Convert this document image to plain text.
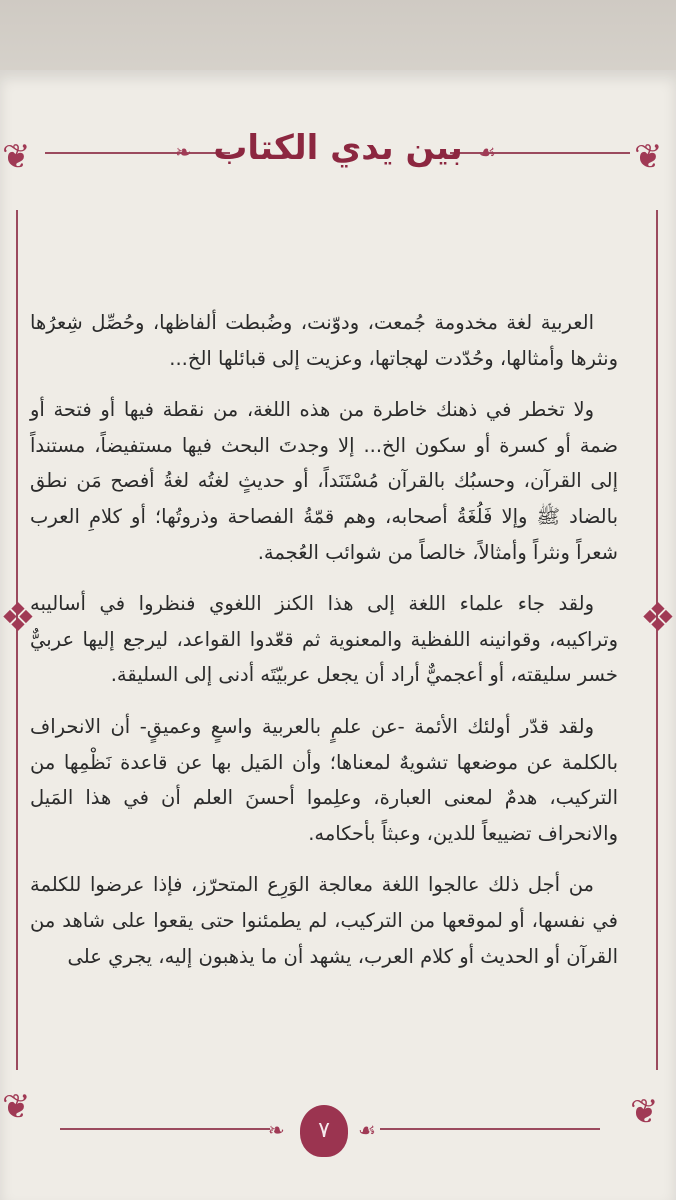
❦	❦
❦	❦
❖	❖
❧	☙
بين يدي الكتاب

العربية لغة مخدومة جُمعت، ودوّنت، وضُبطت ألفاظها، وحُصِّل شِعرُها ونثرها وأمثالها، وحُدّدت لهجاتها، وعزيت إلى قبائلها الخ...

ولا تخطر في ذهنك خاطرة من هذه اللغة، من نقطة فيها أو فتحة أو ضمة أو كسرة أو سكون الخ... إلا وجدتَ البحث فيها مستفيضاً، مستنداً إلى القرآن، وحسبُك بالقرآن مُسْتَنَداً، أو حديثٍ لغتُه لغةُ أفصح مَن نطق بالضاد ﷺ وإلا فَلُغَةُ أصحابه، وهم قمّةُ الفصاحة وذروتُها؛ أو كلامِ العرب شعراً ونثراً وأمثالاً، خالصاً من شوائب العُجمة.

ولقد جاء علماء اللغة إلى هذا الكنز اللغوي فنظروا في أساليبه وتراكيبه، وقوانينه اللفظية والمعنوية ثم قعّدوا القواعد، ليرجع إليها عربيٌّ خسر سليقته، أو أعجميٌّ أراد أن يجعل عربيّتَه أدنى إلى السليقة.

ولقد قدّر أولئك الأئمة -عن علمٍ بالعربية واسعٍ وعميقٍ- أن الانحراف بالكلمة عن موضعها تشويهٌ لمعناها؛ وأن المَيل بها عن قاعدة نَظْمِها من التركيب، هدمٌ لمعنى العبارة، وعلِموا أحسنَ العلم أن في هذا المَيل والانحراف تضييعاً للدين، وعبثاً بأحكامه.

من أجل ذلك عالجوا اللغة معالجة الوَرِع المتحرّز، فإذا عرضوا للكلمة في نفسها، أو لموقعها من التركيب، لم يطمئنوا حتى يقعوا على شاهد من القرآن أو الحديث أو كلام العرب، يشهد أن ما يذهبون إليه، يجري على

❧	☙
٧
